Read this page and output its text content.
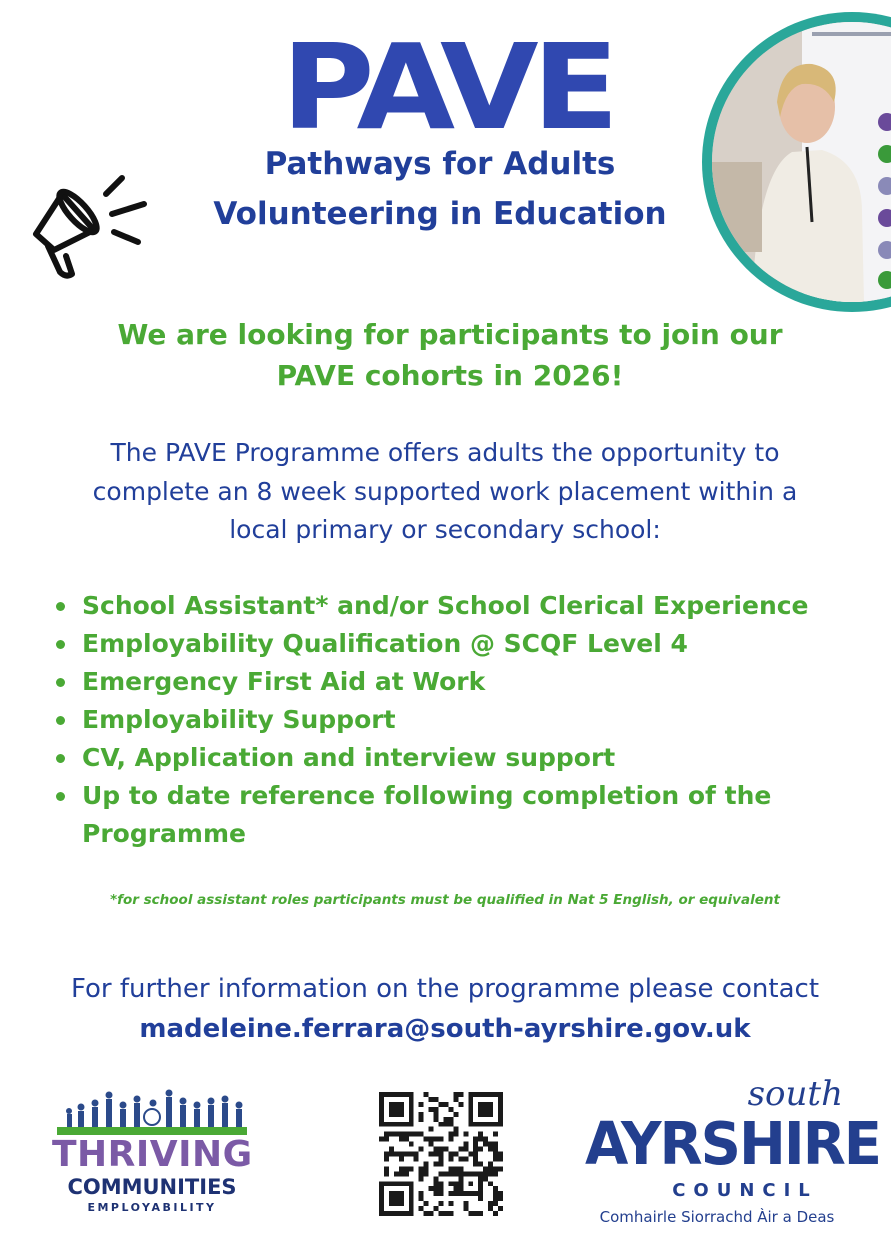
PAVE
Pathways for Adults
Volunteering in Education
We are looking for participants to join our
PAVE cohorts in 2026!
The PAVE Programme offers adults the opportunity to
complete an 8 week supported work placement within a
local primary or secondary school:
School Assistant* and/or School Clerical Experience
Employability Qualification @ SCQF Level 4
Emergency First Aid at Work
Employability Support
CV, Application and interview support
Up to date reference following completion of the Programme
*for school assistant roles participants must be qualified in Nat 5 English, or equivalent
For further information on the programme please contact
madeleine.ferrara@south-ayrshire.gov.uk
THRIVING
COMMUNITIES
EMPLOYABILITY
south
AYRSHIRE
COUNCIL
Comhairle Siorrachd Àir a Deas
